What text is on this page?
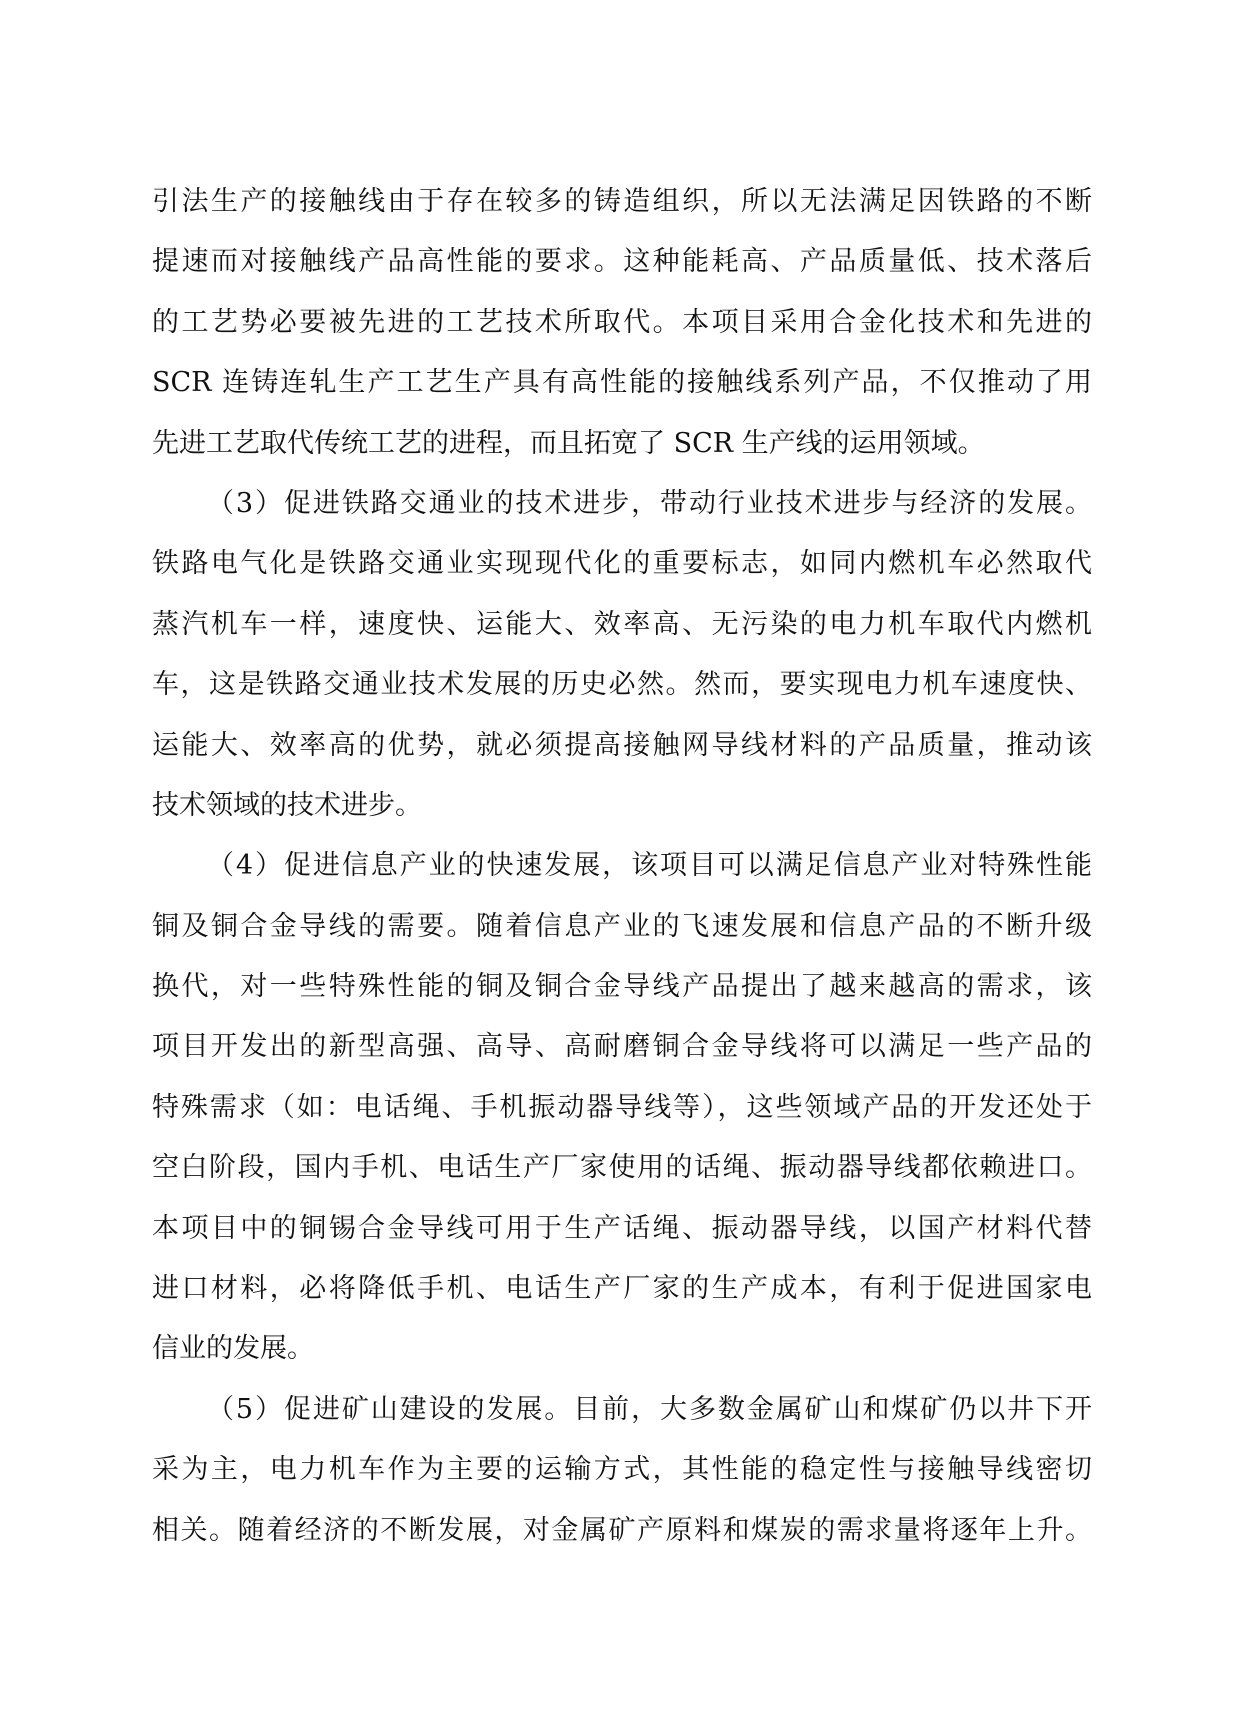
引法生产的接触线由于存在较多的铸造组织，所以无法满足因铁路的不断
提速而对接触线产品高性能的要求。这种能耗高、产品质量低、技术落后
的工艺势必要被先进的工艺技术所取代。本项目采用合金化技术和先进的
SCR 连铸连轧生产工艺生产具有高性能的接触线系列产品，不仅推动了用
先进工艺取代传统工艺的进程，而且拓宽了 SCR 生产线的运用领域。
（3）促进铁路交通业的技术进步，带动行业技术进步与经济的发展。
铁路电气化是铁路交通业实现现代化的重要标志，如同内燃机车必然取代
蒸汽机车一样，速度快、运能大、效率高、无污染的电力机车取代内燃机
车，这是铁路交通业技术发展的历史必然。然而，要实现电力机车速度快、
运能大、效率高的优势，就必须提高接触网导线材料的产品质量，推动该
技术领域的技术进步。
（4）促进信息产业的快速发展，该项目可以满足信息产业对特殊性能
铜及铜合金导线的需要。随着信息产业的飞速发展和信息产品的不断升级
换代，对一些特殊性能的铜及铜合金导线产品提出了越来越高的需求，该
项目开发出的新型高强、高导、高耐磨铜合金导线将可以满足一些产品的
特殊需求（如：电话绳、手机振动器导线等），这些领域产品的开发还处于
空白阶段，国内手机、电话生产厂家使用的话绳、振动器导线都依赖进口。
本项目中的铜锡合金导线可用于生产话绳、振动器导线，以国产材料代替
进口材料，必将降低手机、电话生产厂家的生产成本，有利于促进国家电
信业的发展。
（5）促进矿山建设的发展。目前，大多数金属矿山和煤矿仍以井下开
采为主，电力机车作为主要的运输方式，其性能的稳定性与接触导线密切
相关。随着经济的不断发展，对金属矿产原料和煤炭的需求量将逐年上升。
